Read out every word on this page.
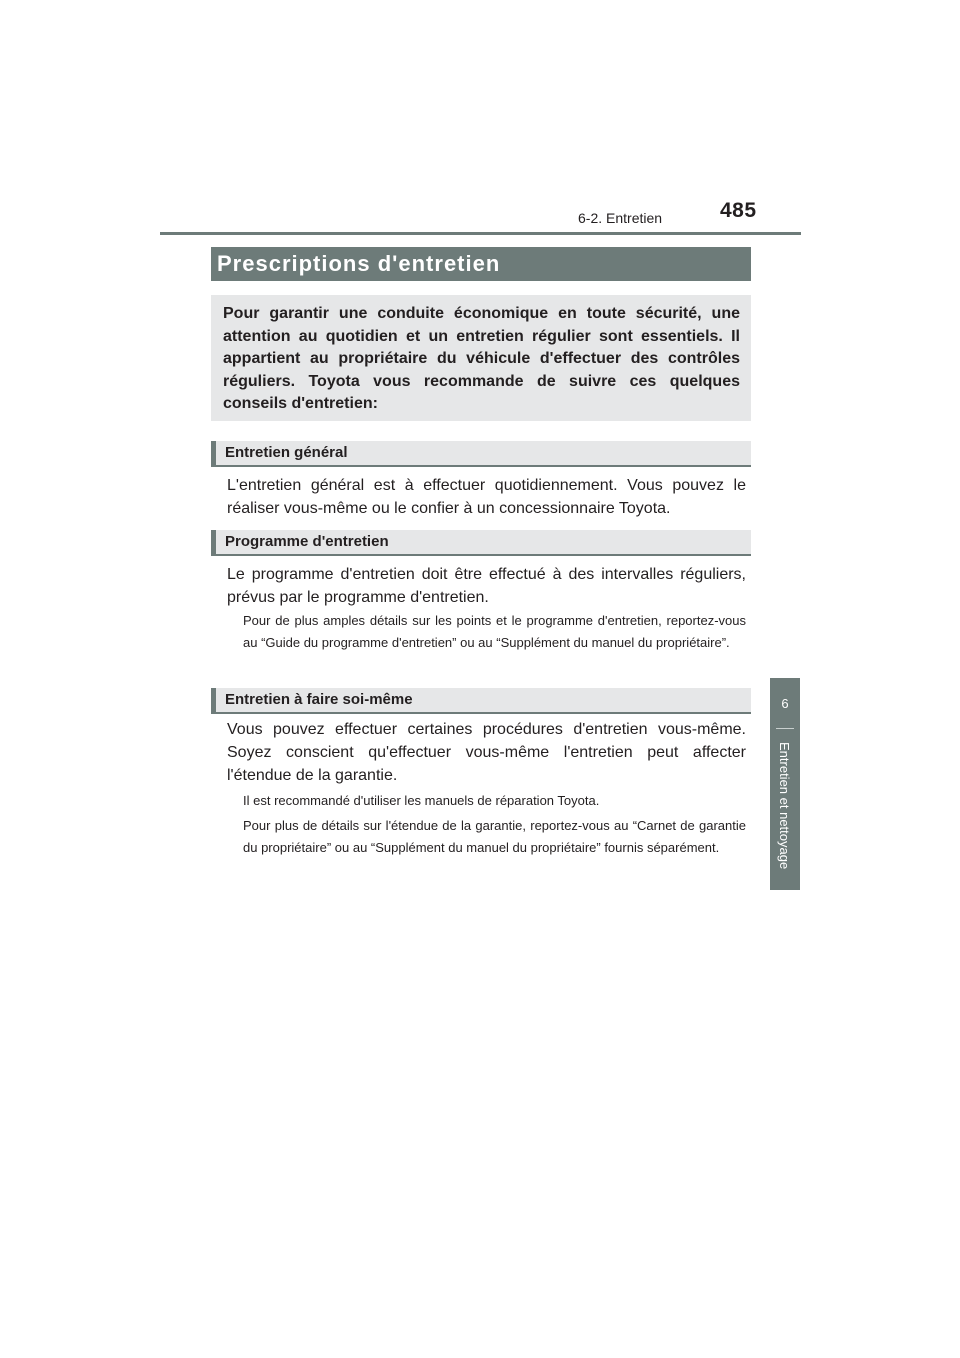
6-2. Entretien	485
6
Entretien et nettoyage
Prescriptions d'entretien
Pour garantir une conduite économique en toute sécurité, une attention au quotidien et un entretien régulier sont essentiels. Il appartient au propriétaire du véhicule d'effectuer des contrôles réguliers. Toyota vous recommande de suivre ces quelques conseils d'entretien:
Entretien général
L'entretien général est à effectuer quotidiennement. Vous pouvez le réaliser vous-même ou le confier à un concessionnaire Toyota.
Programme d'entretien
Le programme d'entretien doit être effectué à des intervalles réguliers, prévus par le programme d'entretien.
Pour de plus amples détails sur les points et le programme d'entretien, reportez-vous au “Guide du programme d'entretien” ou au “Supplément du manuel du propriétaire”.
Entretien à faire soi-même
Vous pouvez effectuer certaines procédures d'entretien vous-même. Soyez conscient qu'effectuer vous-même l'entretien peut affecter l'étendue de la garantie.
Il est recommandé d'utiliser les manuels de réparation Toyota.
Pour plus de détails sur l'étendue de la garantie, reportez-vous au “Carnet de garantie du propriétaire” ou au “Supplément du manuel du propriétaire” fournis séparément.
